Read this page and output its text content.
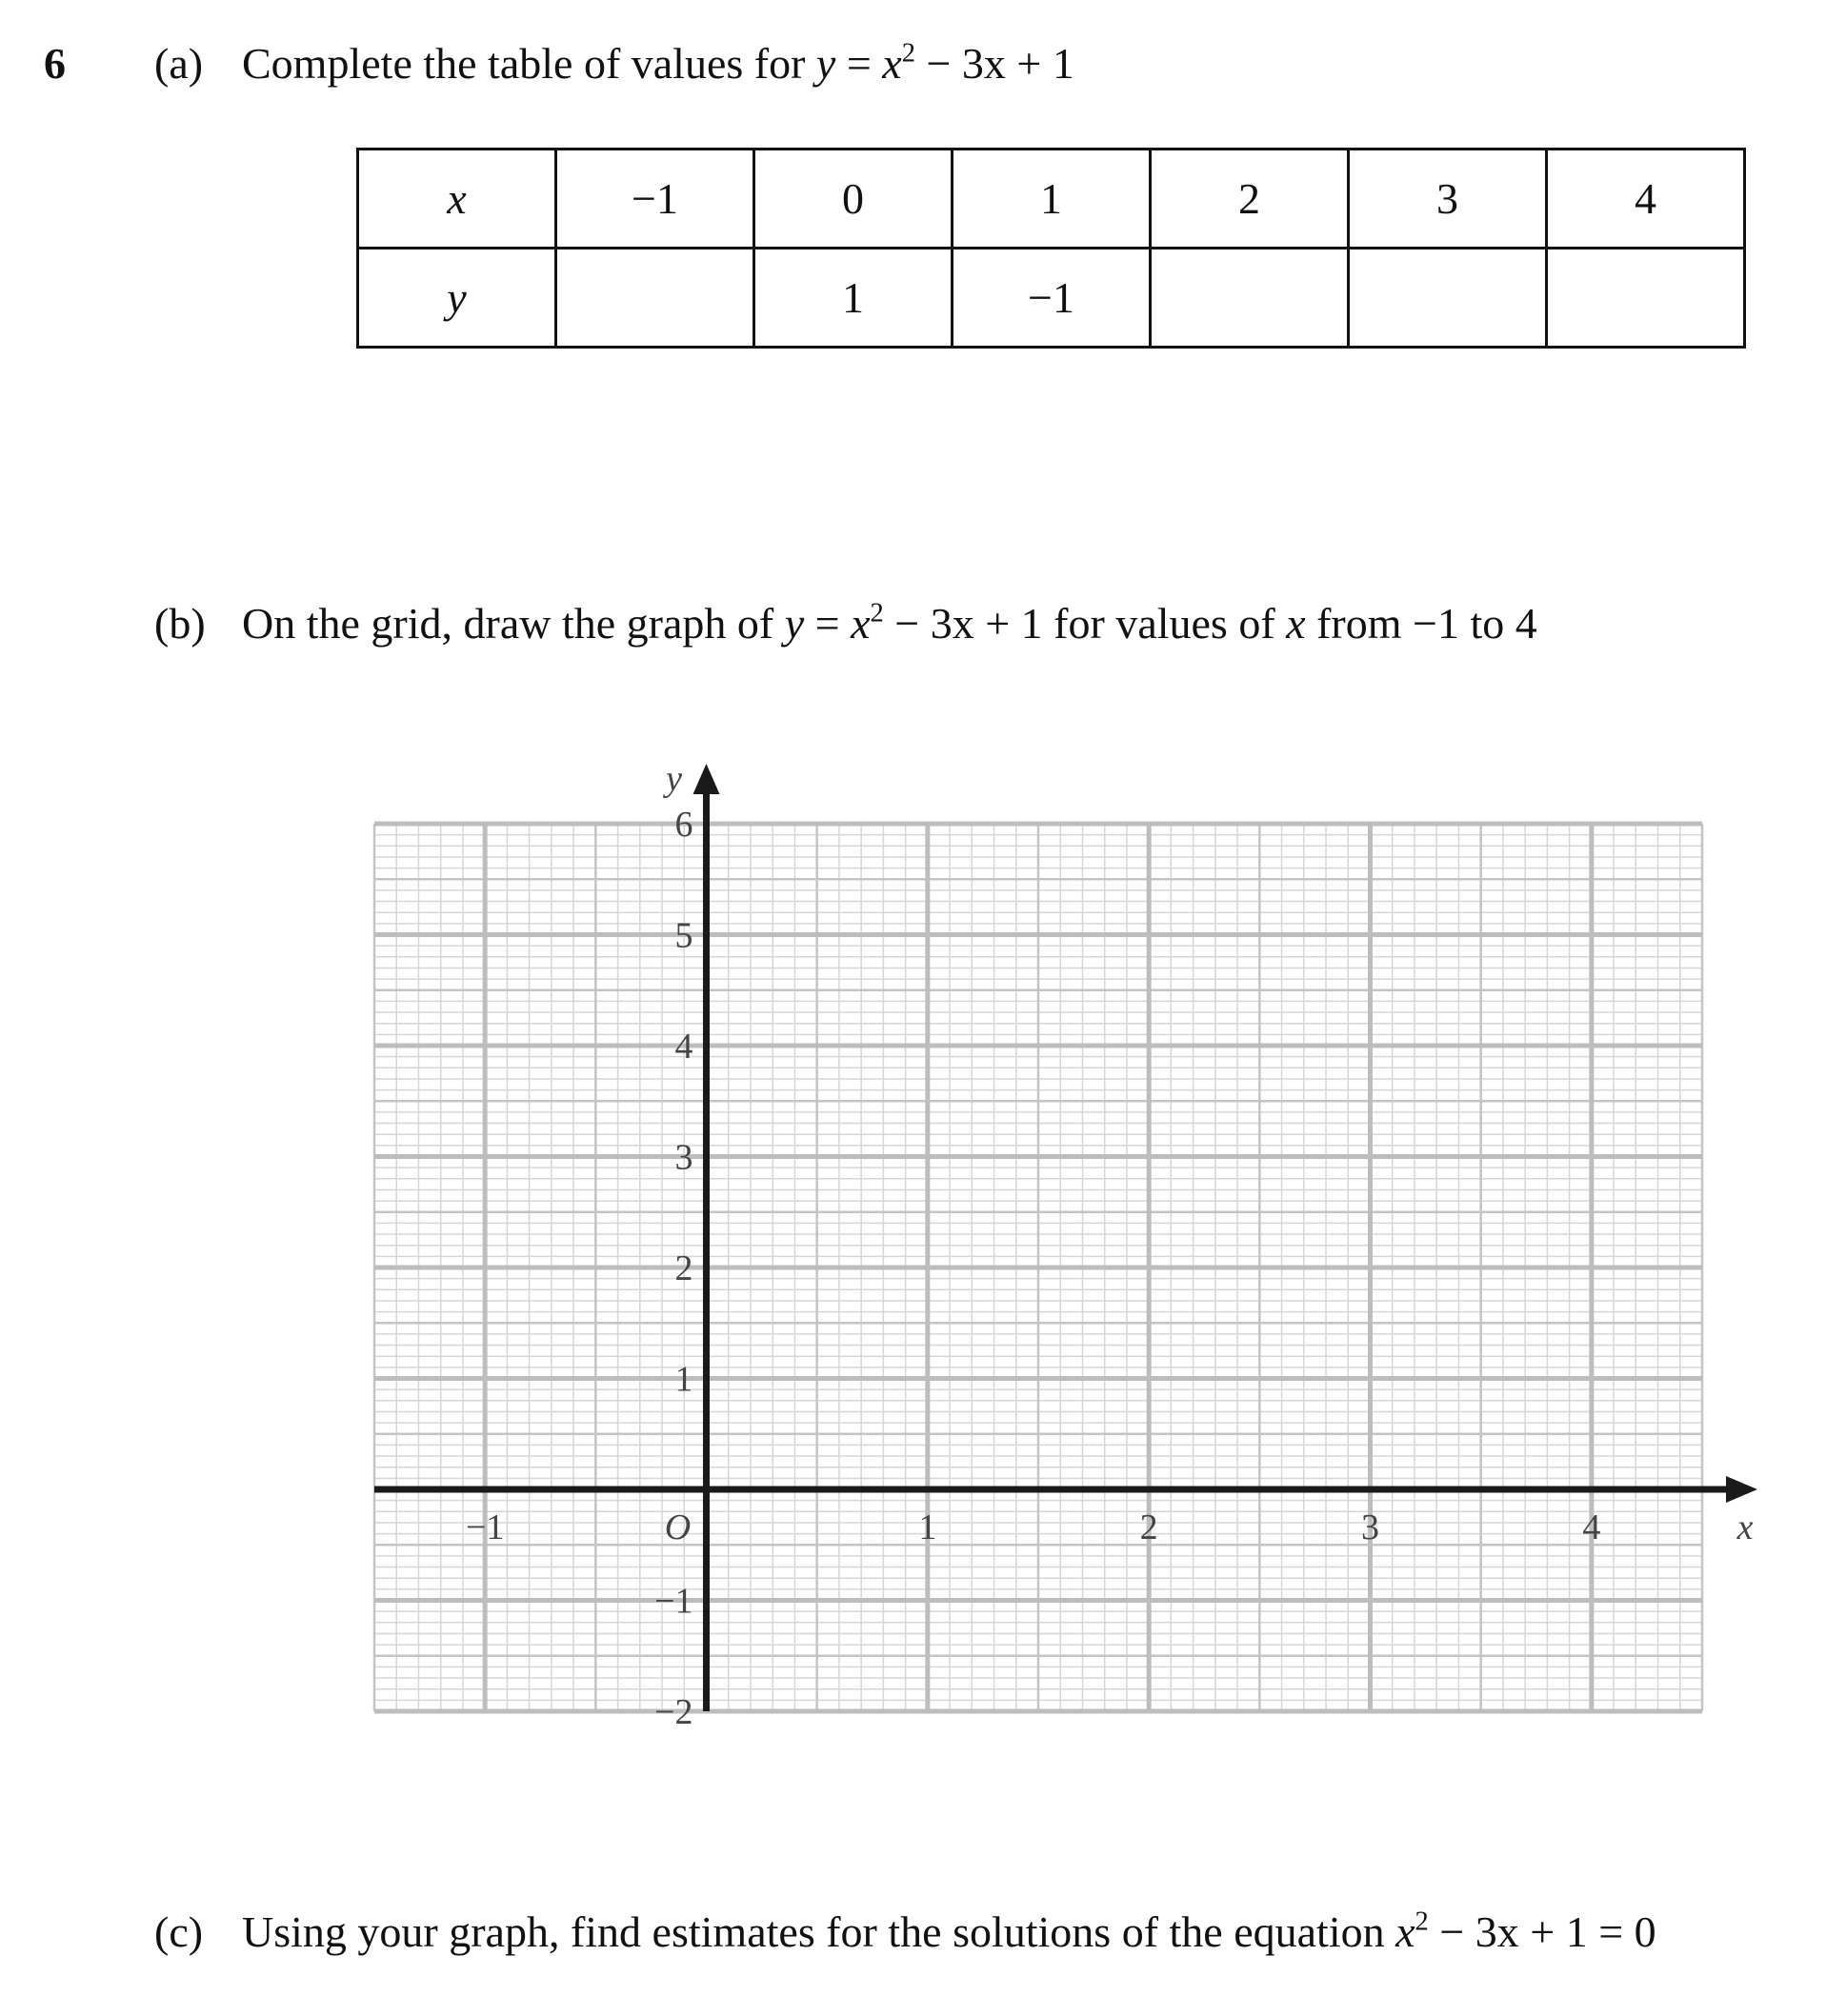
6 (a) Complete the table of values for $y = x^2 - 3x + 1$
x	−1	0	1	2	3	4
y		1	−1			
(b) On the grid, draw the graph of $y = x^2 - 3x + 1$ for values of x from −1 to 4
−1	1	2	3	4
−2
−1
1
2
3
4
5
6
O	x
y
(c) Using your graph, find estimates for the solutions of the equation $x^2 - 3x + 1 = 0$
